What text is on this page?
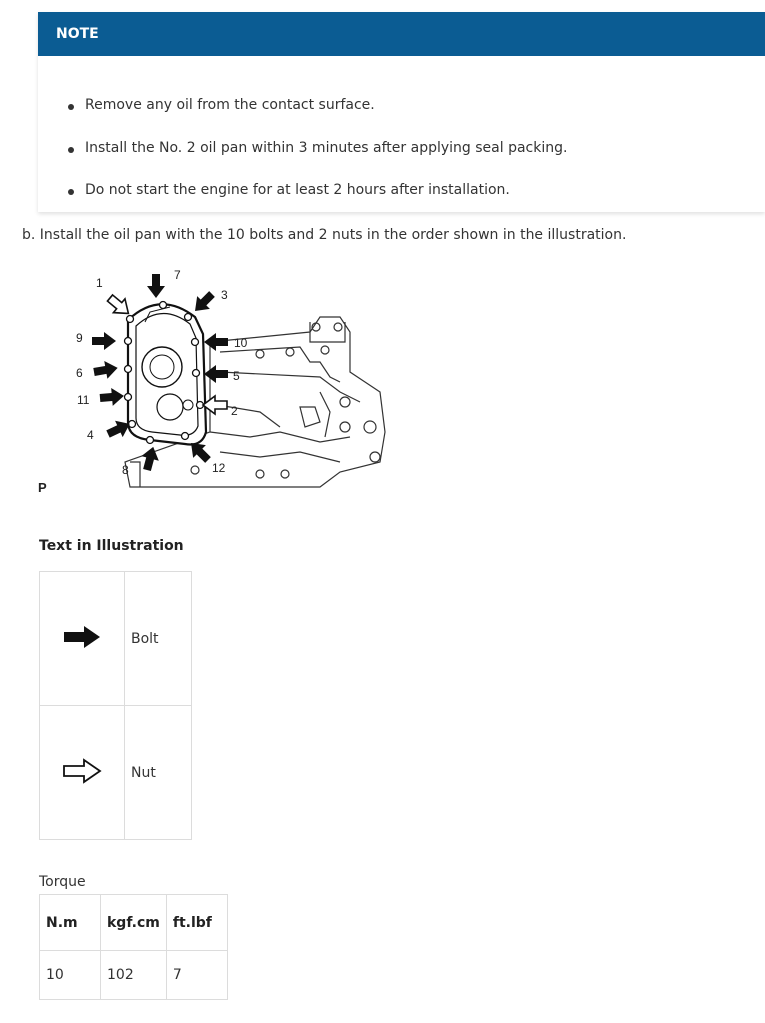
NOTE
Remove any oil from the contact surface.
Install the No. 2 oil pan within 3 minutes after applying seal packing.
Do not start the engine for at least 2 hours after installation.
b. Install the oil pan with the 10 bolts and 2 nuts in the order shown in the illustration.
1
2
3
4
5
6
7
8
9	10
11
12
P
Text in Illustration
	Bolt
	Nut
Torque
N.m	kgf.cm	ft.lbf
10	102	7
